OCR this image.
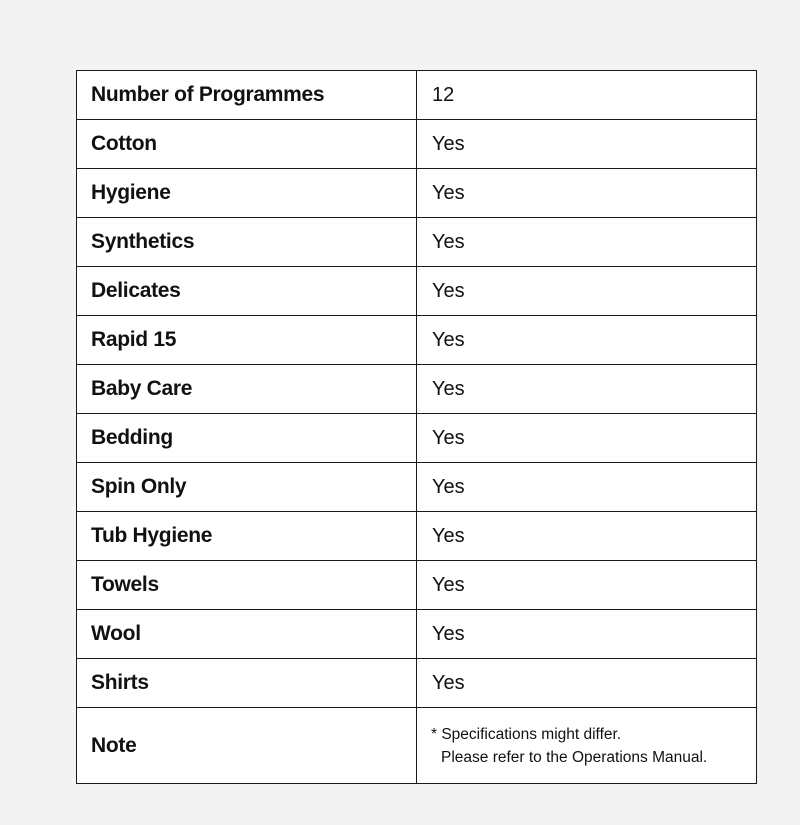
Number of Programmes	12
Cotton	Yes
Hygiene	Yes
Synthetics	Yes
Delicates	Yes
Rapid 15	Yes
Baby Care	Yes
Bedding	Yes
Spin Only	Yes
Tub Hygiene	Yes
Towels	Yes
Wool	Yes
Shirts	Yes
Note	* Specifications might differ.
Please refer to the Operations Manual.
